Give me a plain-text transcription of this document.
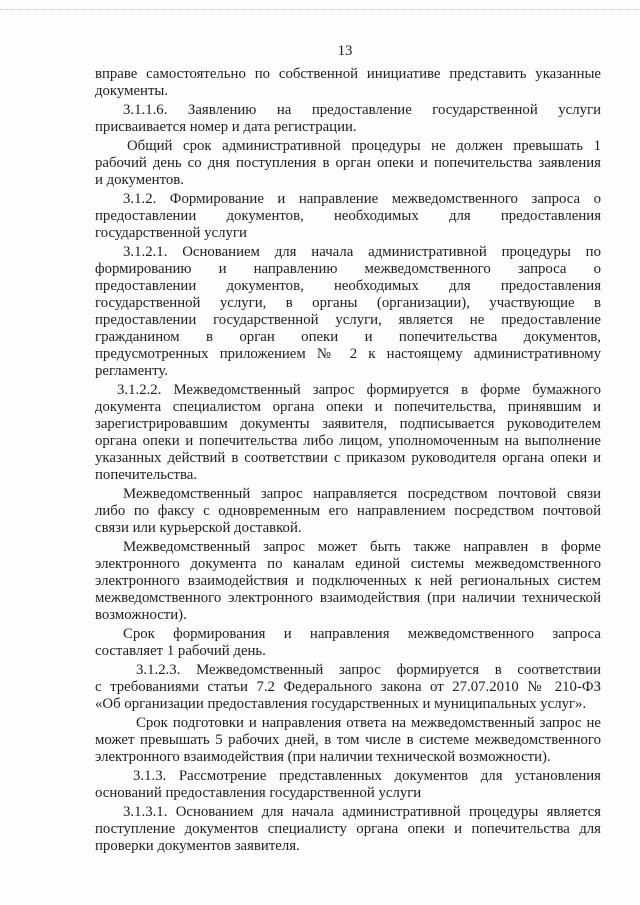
13
вправе самостоятельно по собственной инициативе представить указанные
документы.
3.1.1.6. Заявлению на предоставление государственной услуги
присваивается номер и дата регистрации.
Общий срок административной процедуры не должен превышать 1
рабочий день со дня поступления в орган опеки и попечительства заявления
и документов.
3.1.2. Формирование и направление межведомственного запроса о
предоставлении документов, необходимых для предоставления
государственной услуги
3.1.2.1. Основанием для начала административной процедуры по
формированию и направлению межведомственного запроса о
предоставлении документов, необходимых для предоставления
государственной услуги, в органы (организации), участвующие в
предоставлении государственной услуги, является не предоставление
гражданином в орган опеки и попечительства документов,
предусмотренных приложением № 2 к настоящему административному
регламенту.
3.1.2.2. Межведомственный запрос формируется в форме бумажного
документа специалистом органа опеки и попечительства, принявшим и
зарегистрировавшим документы заявителя, подписывается руководителем
органа опеки и попечительства либо лицом, уполномоченным на выполнение
указанных действий в соответствии с приказом руководителя органа опеки и
попечительства.
Межведомственный запрос направляется посредством почтовой связи
либо по факсу с одновременным его направлением посредством почтовой
связи или курьерской доставкой.
Межведомственный запрос может быть также направлен в форме
электронного документа по каналам единой системы межведомственного
электронного взаимодействия и подключенных к ней региональных систем
межведомственного электронного взаимодействия (при наличии технической
возможности).
Срок формирования и направления межведомственного запроса
составляет 1 рабочий день.
3.1.2.3. Межведомственный запрос формируется в соответствии
с требованиями статьи 7.2 Федерального закона от 27.07.2010 № 210-ФЗ
«Об организации предоставления государственных и муниципальных услуг».
Срок подготовки и направления ответа на межведомственный запрос не
может превышать 5 рабочих дней, в том числе в системе межведомственного
электронного взаимодействия (при наличии технической возможности).
3.1.3. Рассмотрение представленных документов для установления
оснований предоставления государственной услуги
3.1.3.1. Основанием для начала административной процедуры является
поступление документов специалисту органа опеки и попечительства для
проверки документов заявителя.
